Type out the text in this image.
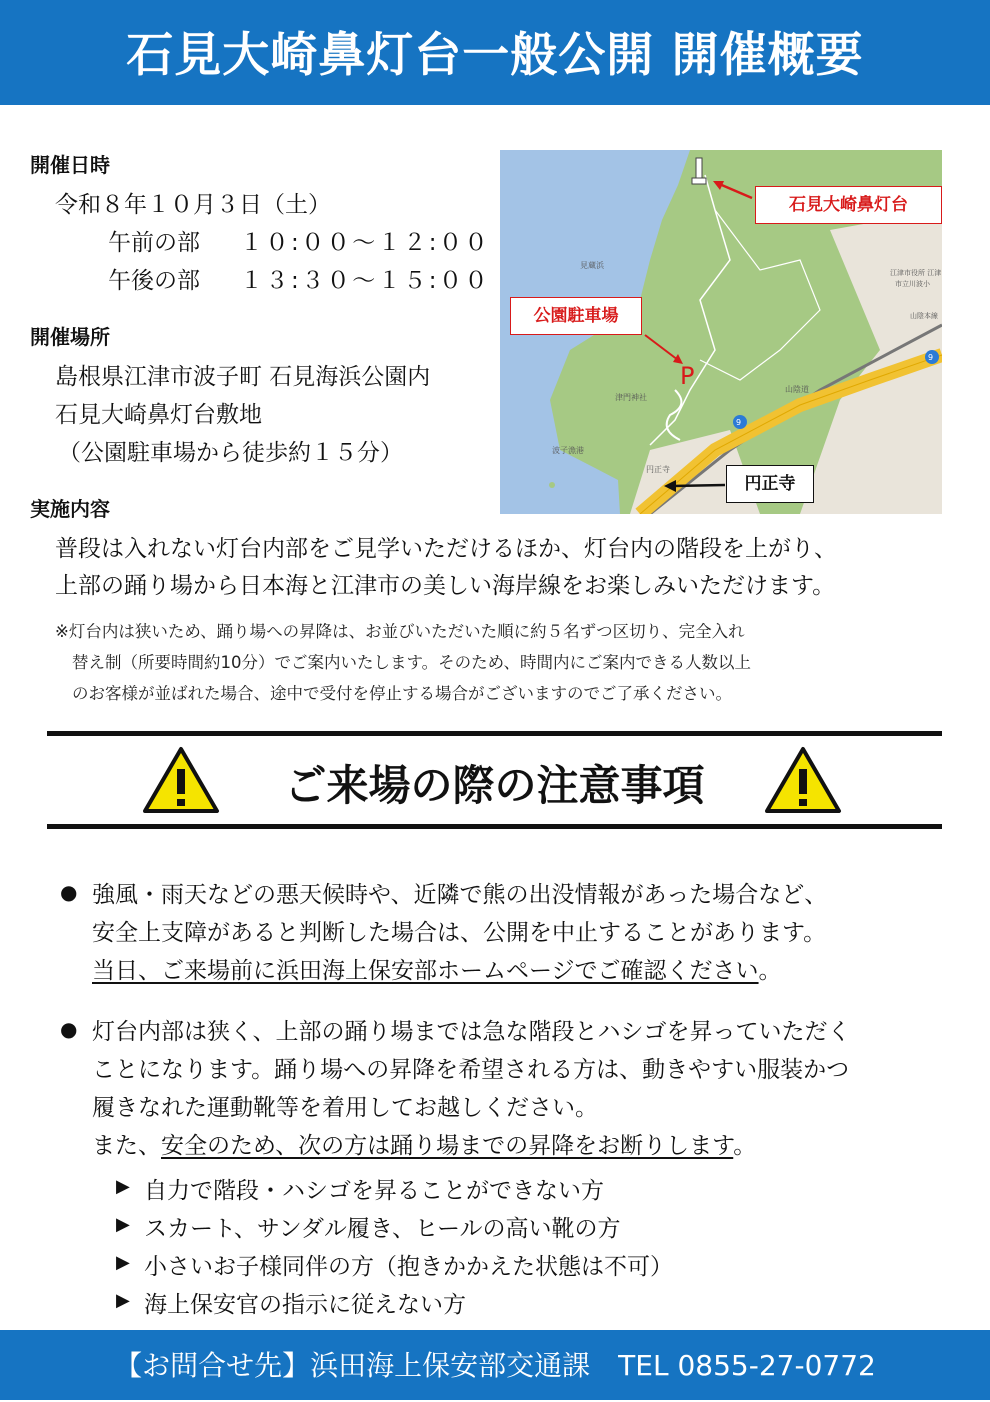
石見大崎鼻灯台一般公開 開催概要
開催日時
令和８年１０月３日（土）
午前の部 １０:００～１２:００
午後の部 １３:３０～１５:００
開催場所
島根県江津市波子町 石見海浜公園内
石見大崎鼻灯台敷地
（公園駐車場から徒歩約１５分）
見蔵浜
津門神社
波子漁港
江津市役所 江津
市立川波小
山陰本線
山陰道
円正寺
9
9
P
石見大崎鼻灯台
公園駐車場
円正寺
実施内容
普段は入れない灯台内部をご見学いただけるほか、灯台内の階段を上がり、
上部の踊り場から日本海と江津市の美しい海岸線をお楽しみいただけます。
※灯台内は狭いため、踊り場への昇降は、お並びいただいた順に約５名ずつ区切り、完全入れ
替え制（所要時間約10分）でご案内いたします。そのため、時間内にご案内できる人数以上
のお客様が並ばれた場合、途中で受付を停止する場合がございますのでご了承ください。
ご来場の際の注意事項
● 強風・雨天などの悪天候時や、近隣で熊の出没情報があった場合など、
安全上支障があると判断した場合は、公開を中止することがあります。
当日、ご来場前に浜田海上保安部ホームページでご確認ください。
● 灯台内部は狭く、上部の踊り場までは急な階段とハシゴを昇っていただく
ことになります。踊り場への昇降を希望される方は、動きやすい服装かつ
履きなれた運動靴等を着用してお越しください。
また、安全のため、次の方は踊り場までの昇降をお断りします。
▶ 自力で階段・ハシゴを昇ることができない方
▶ スカート、サンダル履き、ヒールの高い靴の方
▶ 小さいお子様同伴の方（抱きかかえた状態は不可）
▶ 海上保安官の指示に従えない方
【お問合せ先】浜田海上保安部交通課　TEL 0855-27-0772
